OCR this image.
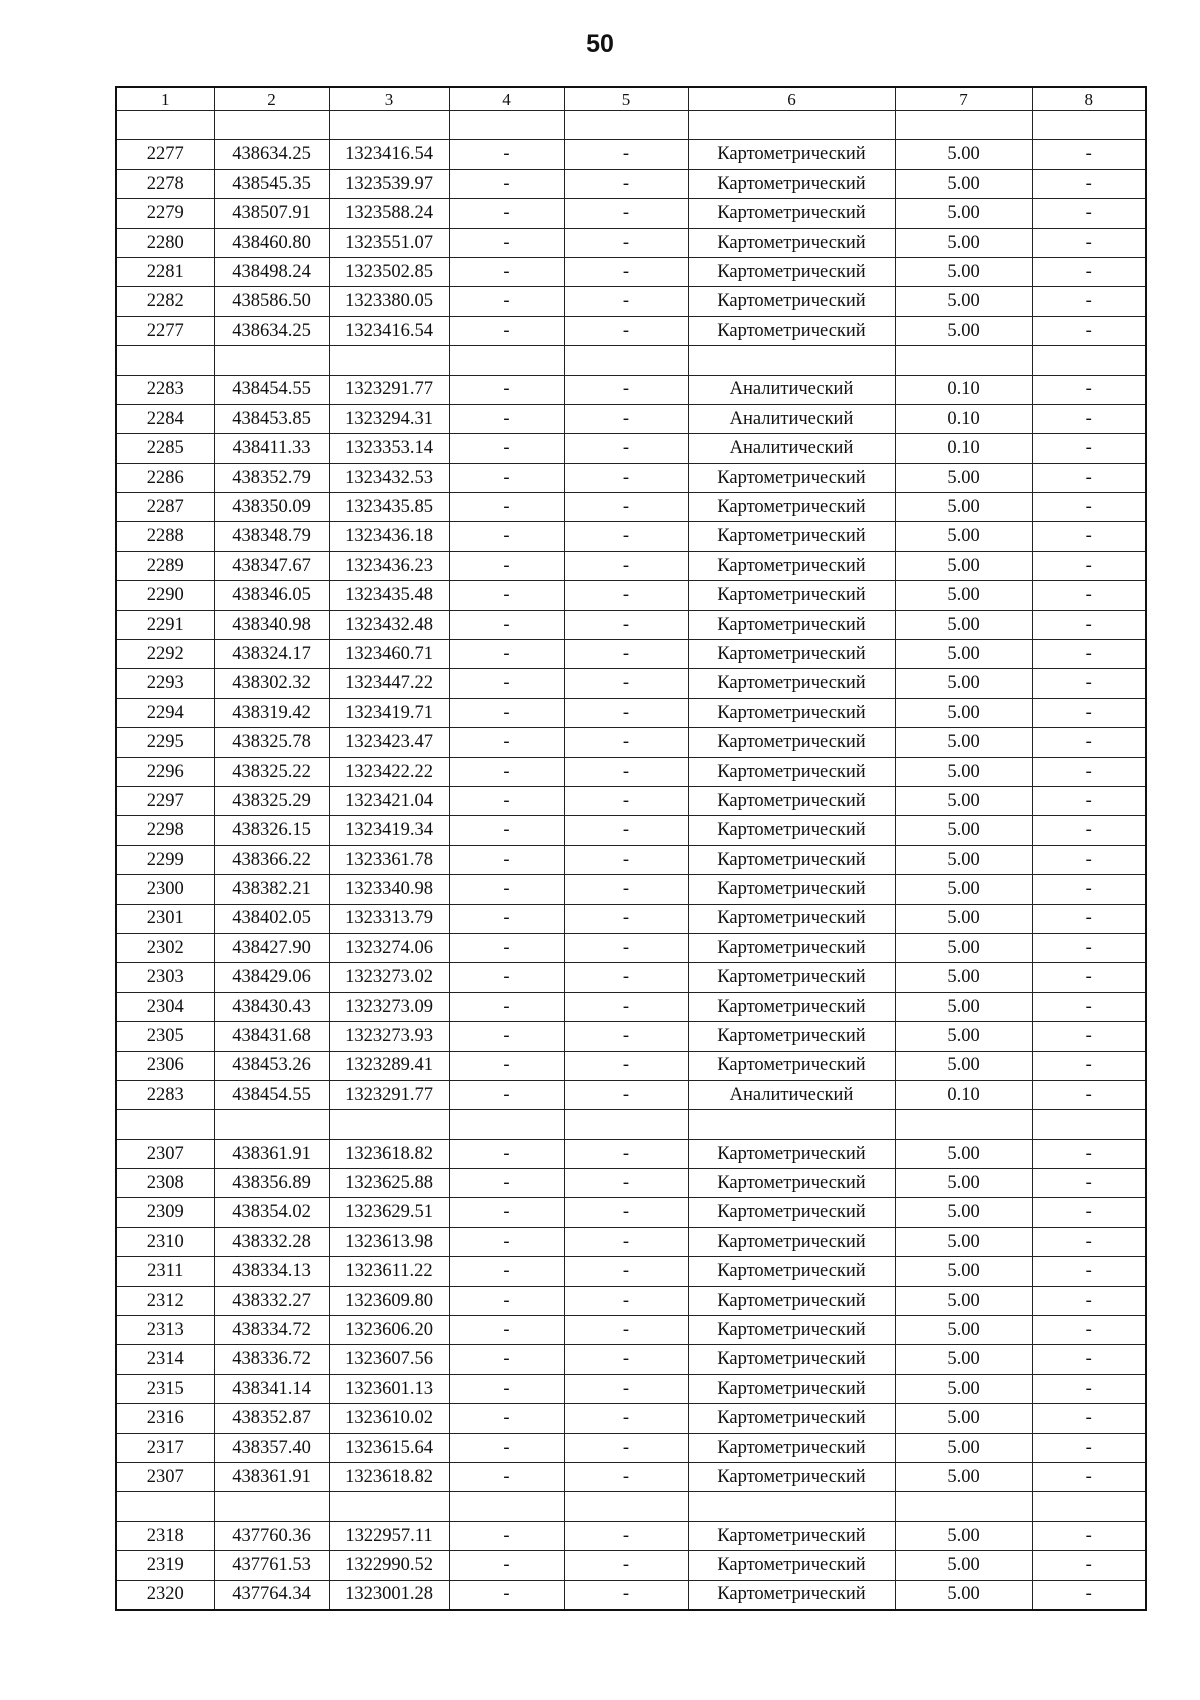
50
1	2	3	4	5	6	7	8

2277	438634.25	1323416.54	-	-	Картометрический	5.00	-
2278	438545.35	1323539.97	-	-	Картометрический	5.00	-
2279	438507.91	1323588.24	-	-	Картометрический	5.00	-
2280	438460.80	1323551.07	-	-	Картометрический	5.00	-
2281	438498.24	1323502.85	-	-	Картометрический	5.00	-
2282	438586.50	1323380.05	-	-	Картометрический	5.00	-
2277	438634.25	1323416.54	-	-	Картометрический	5.00	-

2283	438454.55	1323291.77	-	-	Аналитический	0.10	-
2284	438453.85	1323294.31	-	-	Аналитический	0.10	-
2285	438411.33	1323353.14	-	-	Аналитический	0.10	-
2286	438352.79	1323432.53	-	-	Картометрический	5.00	-
2287	438350.09	1323435.85	-	-	Картометрический	5.00	-
2288	438348.79	1323436.18	-	-	Картометрический	5.00	-
2289	438347.67	1323436.23	-	-	Картометрический	5.00	-
2290	438346.05	1323435.48	-	-	Картометрический	5.00	-
2291	438340.98	1323432.48	-	-	Картометрический	5.00	-
2292	438324.17	1323460.71	-	-	Картометрический	5.00	-
2293	438302.32	1323447.22	-	-	Картометрический	5.00	-
2294	438319.42	1323419.71	-	-	Картометрический	5.00	-
2295	438325.78	1323423.47	-	-	Картометрический	5.00	-
2296	438325.22	1323422.22	-	-	Картометрический	5.00	-
2297	438325.29	1323421.04	-	-	Картометрический	5.00	-
2298	438326.15	1323419.34	-	-	Картометрический	5.00	-
2299	438366.22	1323361.78	-	-	Картометрический	5.00	-
2300	438382.21	1323340.98	-	-	Картометрический	5.00	-
2301	438402.05	1323313.79	-	-	Картометрический	5.00	-
2302	438427.90	1323274.06	-	-	Картометрический	5.00	-
2303	438429.06	1323273.02	-	-	Картометрический	5.00	-
2304	438430.43	1323273.09	-	-	Картометрический	5.00	-
2305	438431.68	1323273.93	-	-	Картометрический	5.00	-
2306	438453.26	1323289.41	-	-	Картометрический	5.00	-
2283	438454.55	1323291.77	-	-	Аналитический	0.10	-

2307	438361.91	1323618.82	-	-	Картометрический	5.00	-
2308	438356.89	1323625.88	-	-	Картометрический	5.00	-
2309	438354.02	1323629.51	-	-	Картометрический	5.00	-
2310	438332.28	1323613.98	-	-	Картометрический	5.00	-
2311	438334.13	1323611.22	-	-	Картометрический	5.00	-
2312	438332.27	1323609.80	-	-	Картометрический	5.00	-
2313	438334.72	1323606.20	-	-	Картометрический	5.00	-
2314	438336.72	1323607.56	-	-	Картометрический	5.00	-
2315	438341.14	1323601.13	-	-	Картометрический	5.00	-
2316	438352.87	1323610.02	-	-	Картометрический	5.00	-
2317	438357.40	1323615.64	-	-	Картометрический	5.00	-
2307	438361.91	1323618.82	-	-	Картометрический	5.00	-

2318	437760.36	1322957.11	-	-	Картометрический	5.00	-
2319	437761.53	1322990.52	-	-	Картометрический	5.00	-
2320	437764.34	1323001.28	-	-	Картометрический	5.00	-
